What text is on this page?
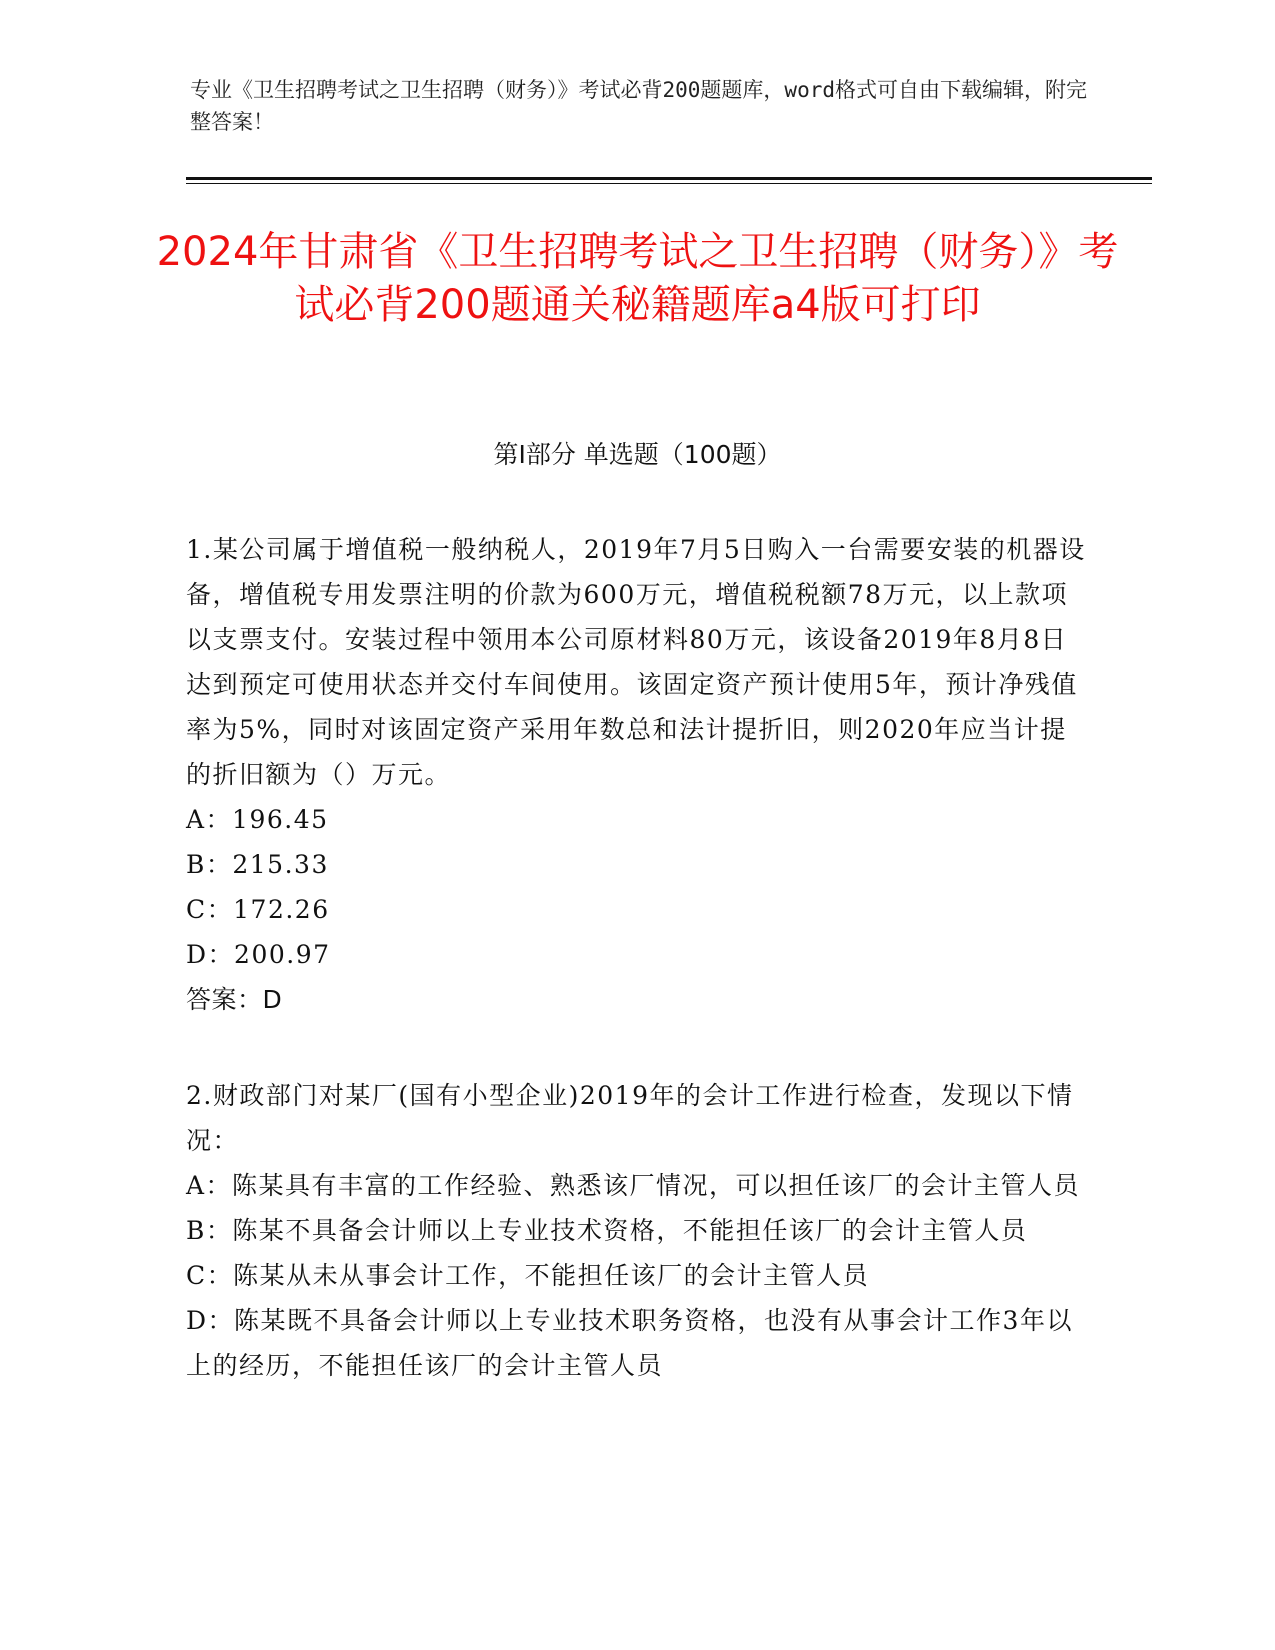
专业《卫生招聘考试之卫生招聘（财务）》考试必背200题题库，word格式可自由下载编辑，附完整答案！
2024年甘肃省《卫生招聘考试之卫生招聘（财务）》考试必背200题通关秘籍题库a4版可打印
第Ⅰ部分 单选题（100题）

1.某公司属于增值税一般纳税人，2019年7月5日购入一台需要安装的机器设备，增值税专用发票注明的价款为600万元，增值税税额78万元，以上款项以支票支付。安装过程中领用本公司原材料80万元，该设备2019年8月8日达到预定可使用状态并交付车间使用。该固定资产预计使用5年，预计净残值率为5%，同时对该固定资产采用年数总和法计提折旧，则2020年应当计提的折旧额为（）万元。

A：196.45

B：215.33

C：172.26

D：200.97

答案：D

2.财政部门对某厂(国有小型企业)2019年的会计工作进行检查，发现以下情况：

A：陈某具有丰富的工作经验、熟悉该厂情况，可以担任该厂的会计主管人员

B：陈某不具备会计师以上专业技术资格，不能担任该厂的会计主管人员

C：陈某从未从事会计工作，不能担任该厂的会计主管人员

D：陈某既不具备会计师以上专业技术职务资格，也没有从事会计工作3年以上的经历，不能担任该厂的会计主管人员
